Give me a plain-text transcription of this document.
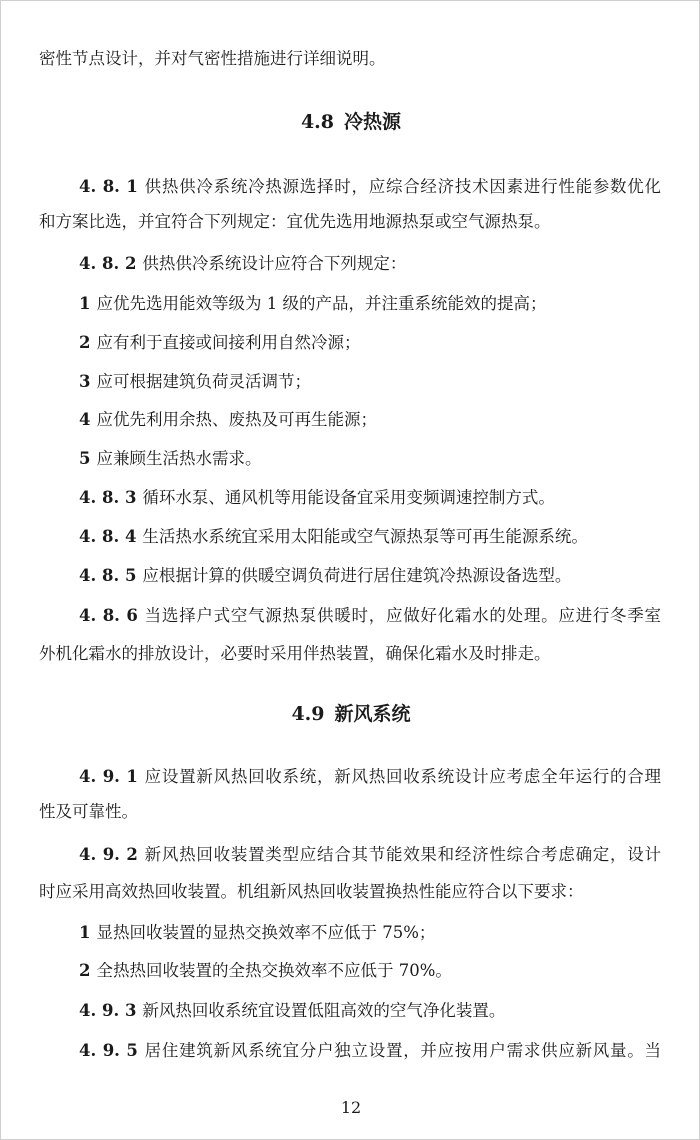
密性节点设计，并对气密性措施进行详细说明。
4.8 冷热源
4. 8. 1 供热供冷系统冷热源选择时，应综合经济技术因素进行性能参数优化
和方案比选，并宜符合下列规定：宜优先选用地源热泵或空气源热泵。
4. 8. 2 供热供冷系统设计应符合下列规定：
1 应优先选用能效等级为 1 级的产品，并注重系统能效的提高；
2 应有利于直接或间接利用自然冷源；
3 应可根据建筑负荷灵活调节；
4 应优先利用余热、废热及可再生能源；
5 应兼顾生活热水需求。
4. 8. 3 循环水泵、通风机等用能设备宜采用变频调速控制方式。
4. 8. 4 生活热水系统宜采用太阳能或空气源热泵等可再生能源系统。
4. 8. 5 应根据计算的供暖空调负荷进行居住建筑冷热源设备选型。
4. 8. 6 当选择户式空气源热泵供暖时，应做好化霜水的处理。应进行冬季室
外机化霜水的排放设计，必要时采用伴热装置，确保化霜水及时排走。
4.9 新风系统
4. 9. 1 应设置新风热回收系统，新风热回收系统设计应考虑全年运行的合理
性及可靠性。
4. 9. 2 新风热回收装置类型应结合其节能效果和经济性综合考虑确定，设计
时应采用高效热回收装置。机组新风热回收装置换热性能应符合以下要求：
1 显热回收装置的显热交换效率不应低于 75%；
2 全热热回收装置的全热交换效率不应低于 70%。
4. 9. 3 新风热回收系统宜设置低阻高效的空气净化装置。
4. 9. 5 居住建筑新风系统宜分户独立设置，并应按用户需求供应新风量。当
12
